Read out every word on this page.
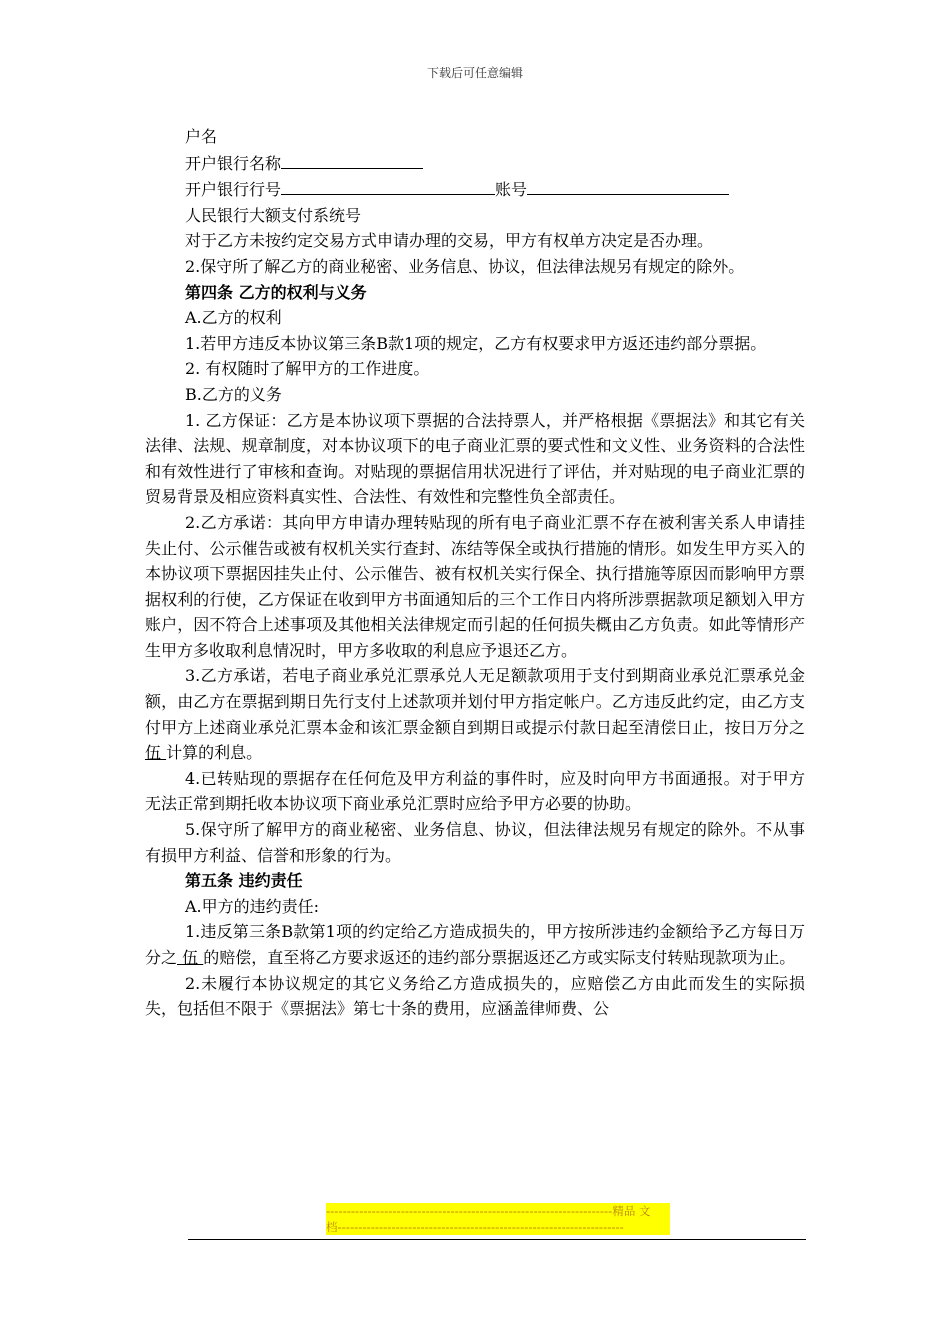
下载后可任意编辑

户名

开户银行名称

开户银行行号	账号

人民银行大额支付系统号

对于乙方未按约定交易方式申请办理的交易，甲方有权单方决定是否办理。

2.保守所了解乙方的商业秘密、业务信息、协议，但法律法规另有规定的除外。

第四条 乙方的权利与义务

A.乙方的权利

1.若甲方违反本协议第三条B款1项的规定，乙方有权要求甲方返还违约部分票据。

2. 有权随时了解甲方的工作进度。

B.乙方的义务

1. 乙方保证：乙方是本协议项下票据的合法持票人，并严格根据《票据法》和其它有关法律、法规、规章制度，对本协议项下的电子商业汇票的要式性和文义性、业务资料的合法性和有效性进行了审核和查询。对贴现的票据信用状况进行了评估，并对贴现的电子商业汇票的贸易背景及相应资料真实性、合法性、有效性和完整性负全部责任。

2.乙方承诺：其向甲方申请办理转贴现的所有电子商业汇票不存在被利害关系人申请挂失止付、公示催告或被有权机关实行查封、冻结等保全或执行措施的情形。如发生甲方买入的本协议项下票据因挂失止付、公示催告、被有权机关实行保全、执行措施等原因而影响甲方票据权利的行使，乙方保证在收到甲方书面通知后的三个工作日内将所涉票据款项足额划入甲方账户，因不符合上述事项及其他相关法律规定而引起的任何损失概由乙方负责。如此等情形产生甲方多收取利息情况时，甲方多收取的利息应予退还乙方。

3.乙方承诺，若电子商业承兑汇票承兑人无足额款项用于支付到期商业承兑汇票承兑金额，由乙方在票据到期日先行支付上述款项并划付甲方指定帐户。乙方违反此约定，由乙方支付甲方上述商业承兑汇票本金和该汇票金额自到期日或提示付款日起至清偿日止，按日万分之 伍 计算的利息。

4.已转贴现的票据存在任何危及甲方利益的事件时，应及时向甲方书面通报。对于甲方无法正常到期托收本协议项下商业承兑汇票时应给予甲方必要的协助。

5.保守所了解甲方的商业秘密、业务信息、协议，但法律法规另有规定的除外。不从事有损甲方利益、信誉和形象的行为。

第五条 违约责任

A.甲方的违约责任:

1.违反第三条B款第1项的约定给乙方造成损失的，甲方按所涉违约金额给予乙方每日万分之 伍 的赔偿，直至将乙方要求返还的违约部分票据返还乙方或实际支付转贴现款项为止。

2.未履行本协议规定的其它义务给乙方造成损失的，应赔偿乙方由此而发生的实际损失，包括但不限于《票据法》第七十条的费用，应涵盖律师费、公

---------------------------------------------------------------------精品 文
档---------------------------------------------------------------------
